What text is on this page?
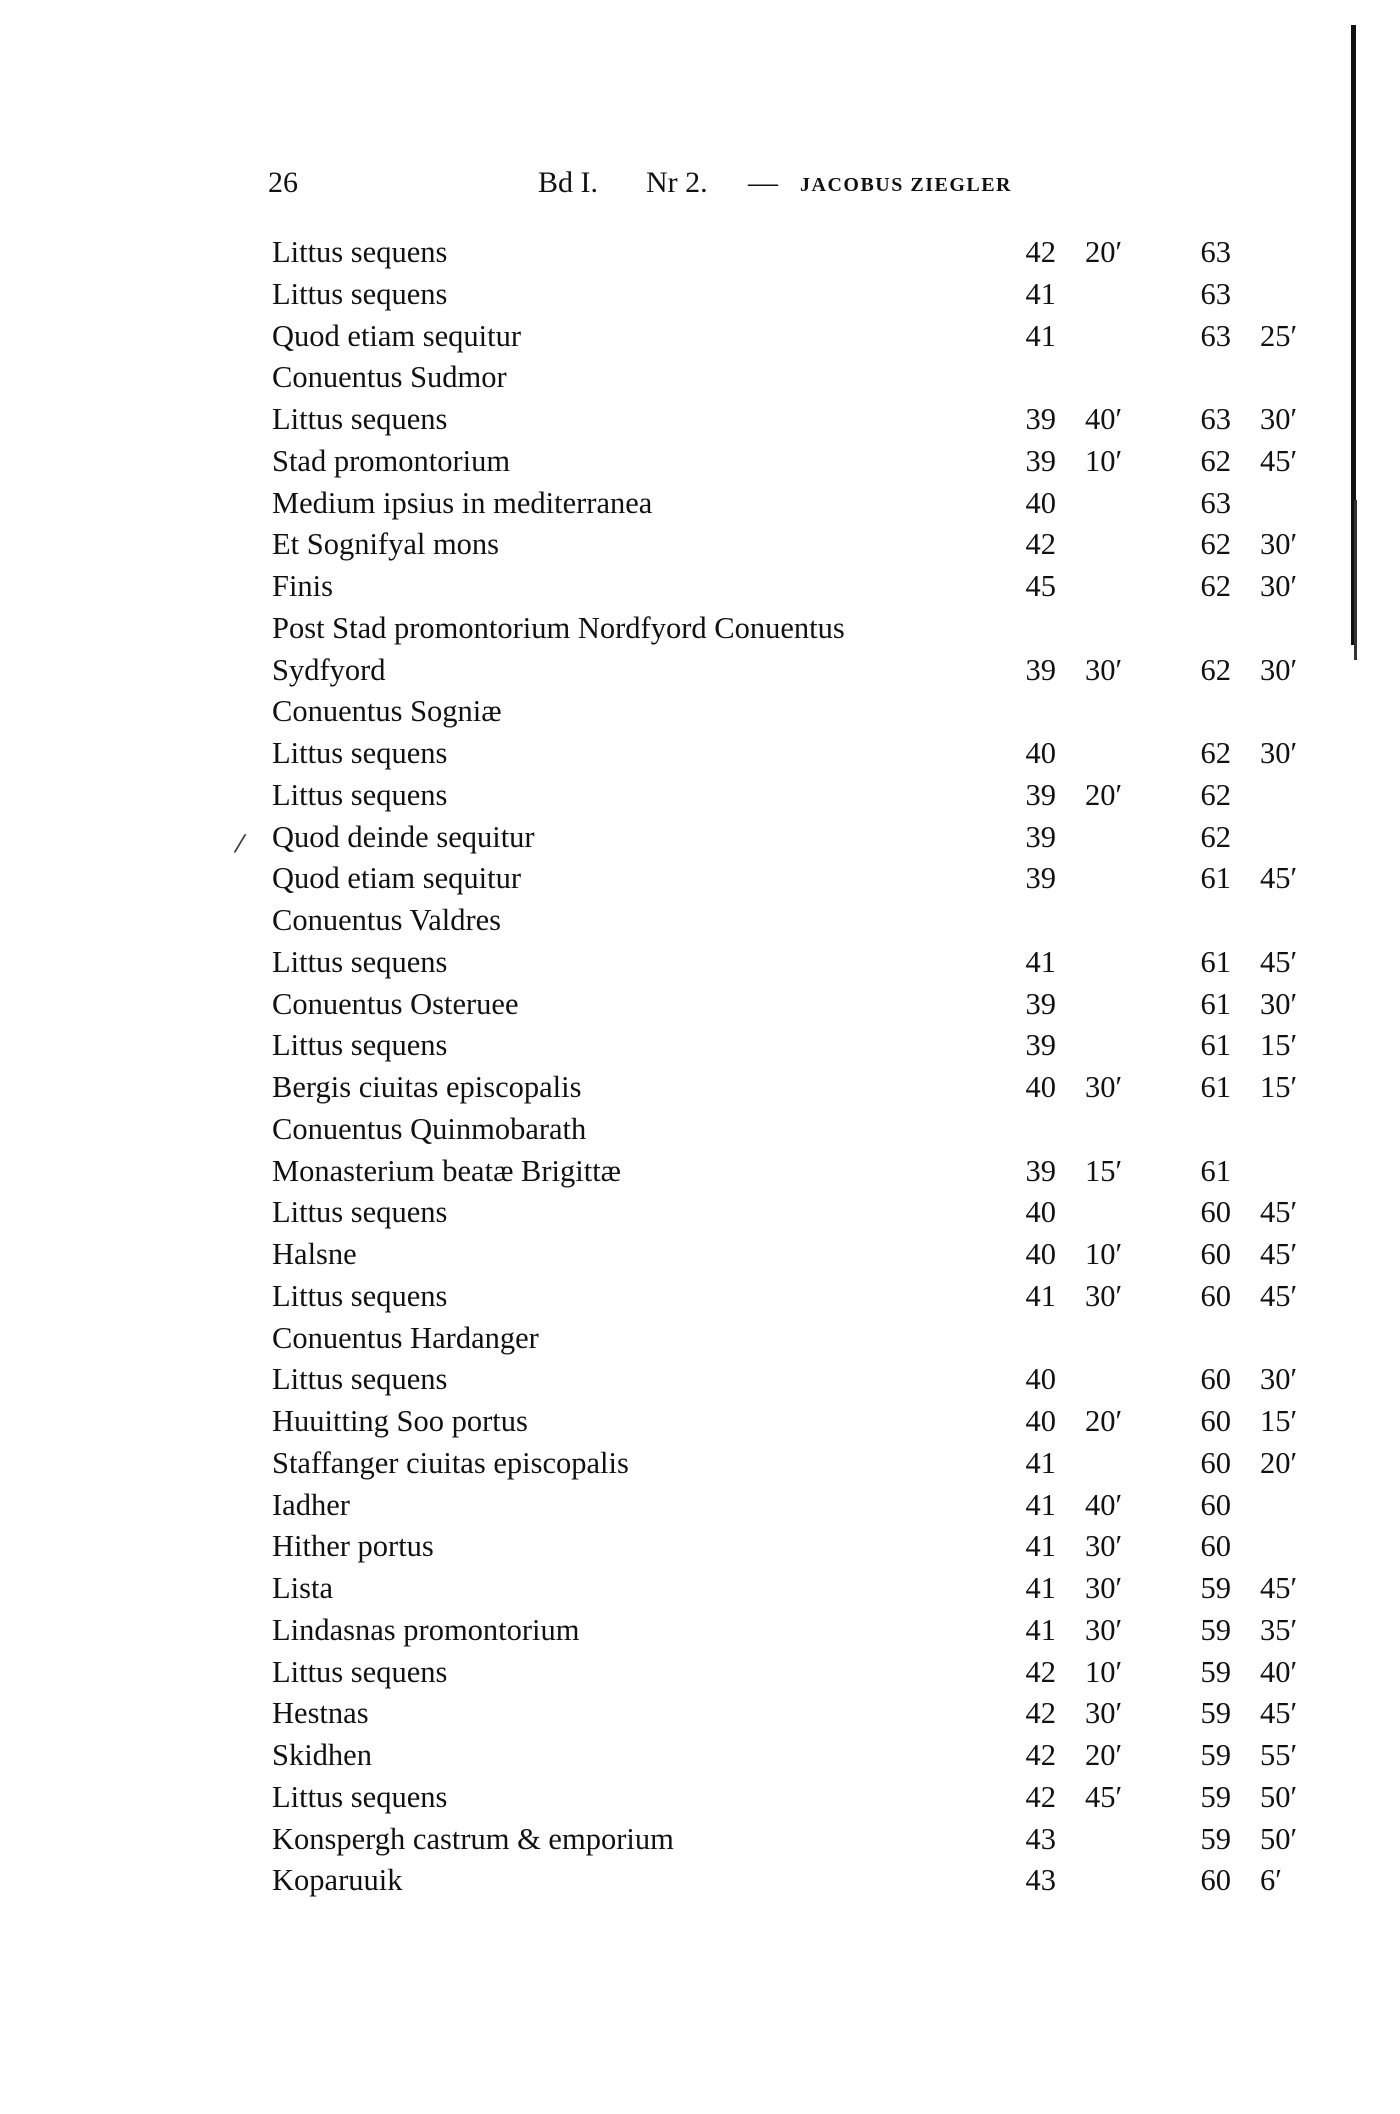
26	Bd I. Nr 2. — JACOBUS ZIEGLER
⁄
Littus sequens	42 20′	63
Littus sequens	41	63
Quod etiam sequitur	41	63 25′
Conuentus Sudmor
Littus sequens	39 40′	63 30′
Stad promontorium	39 10′	62 45′
Medium ipsius in mediterranea	40	63
Et Sognifyal mons	42	62 30′
Finis	45	62 30′
Post Stad promontorium Nordfyord Conuentus
Sydfyord	39 30′	62 30′
Conuentus Sogniæ
Littus sequens	40	62 30′
Littus sequens	39 20′	62
Quod deinde sequitur	39	62
Quod etiam sequitur	39	61 45′
Conuentus Valdres
Littus sequens	41	61 45′
Conuentus Osteruee	39	61 30′
Littus sequens	39	61 15′
Bergis ciuitas episcopalis	40 30′	61 15′
Conuentus Quinmobarath
Monasterium beatæ Brigittæ	39 15′	61
Littus sequens	40	60 45′
Halsne	40 10′	60 45′
Littus sequens	41 30′	60 45′
Conuentus Hardanger
Littus sequens	40	60 30′
Huuitting Soo portus	40 20′	60 15′
Staffanger ciuitas episcopalis	41	60 20′
Iadher	41 40′	60
Hither portus	41 30′	60
Lista	41 30′	59 45′
Lindasnas promontorium	41 30′	59 35′
Littus sequens	42 10′	59 40′
Hestnas	42 30′	59 45′
Skidhen	42 20′	59 55′
Littus sequens	42 45′	59 50′
Konspergh castrum & emporium	43	59 50′
Koparuuik	43	60 6′
